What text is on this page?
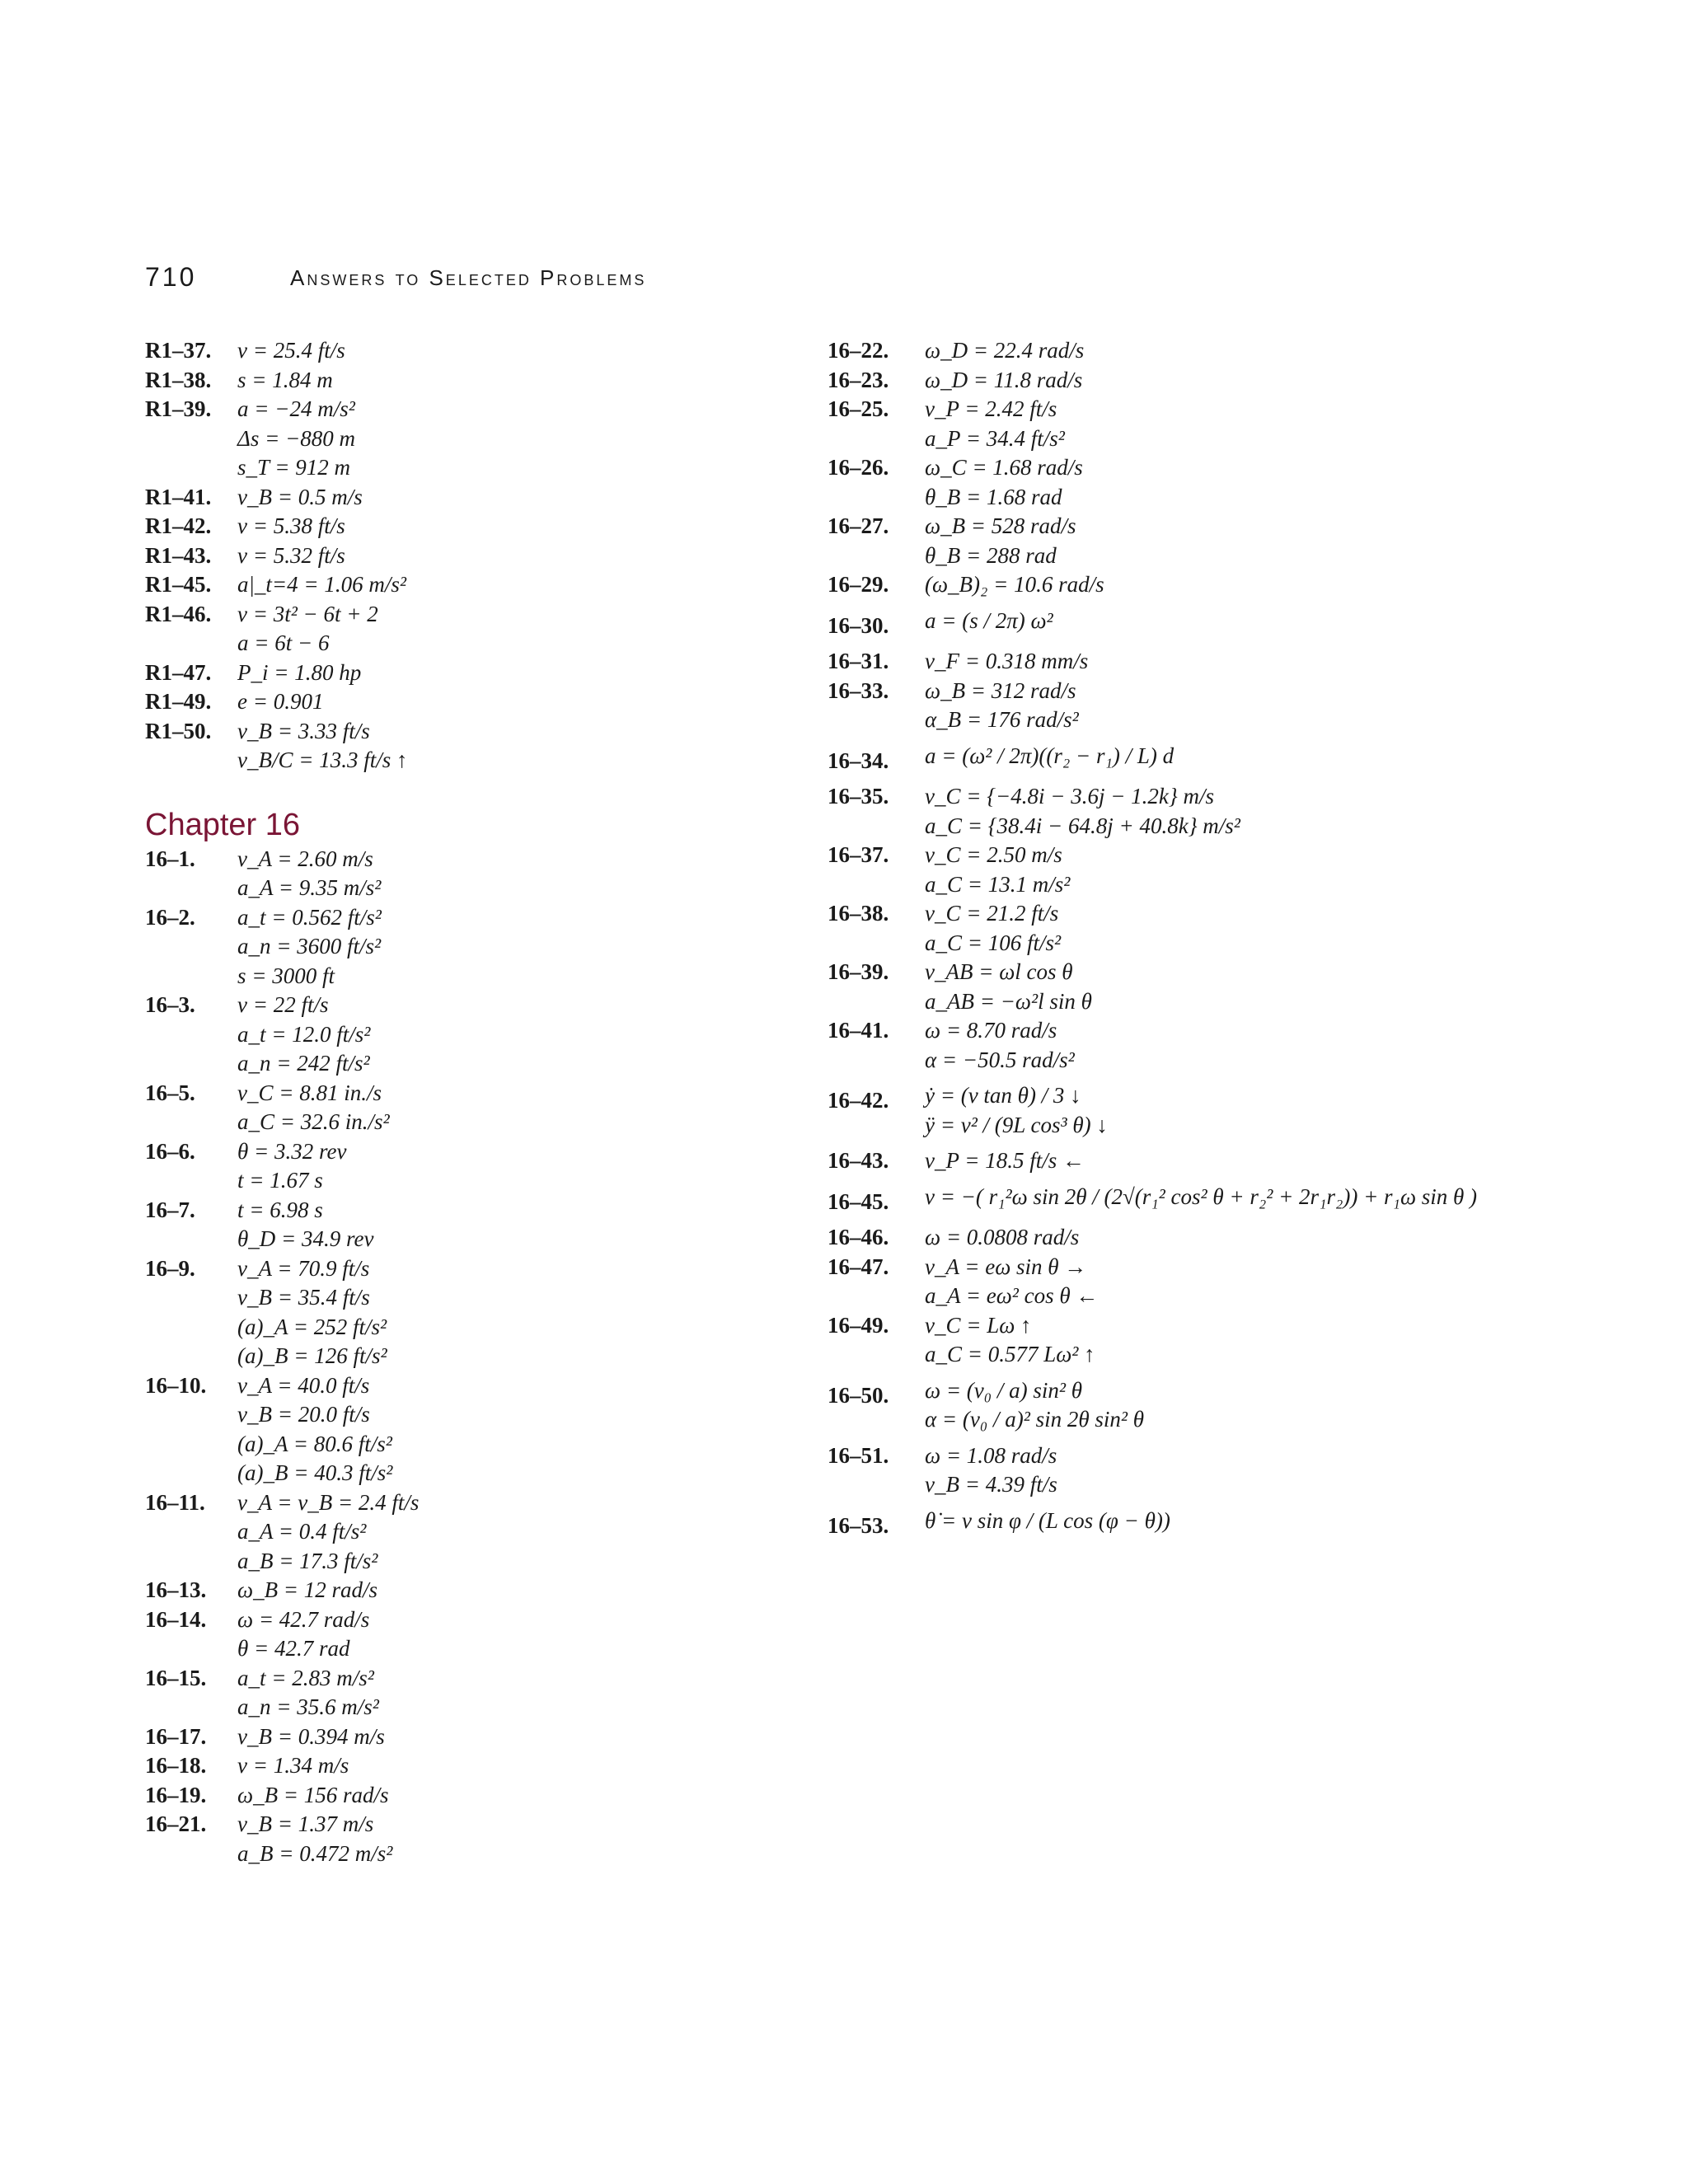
710	Answers to Selected Problems
R1–37.	v = 25.4 ft/s
R1–38.	s = 1.84 m
R1–39.	a = −24 m/s²
Δs = −880 m
s_T = 912 m
R1–41.	v_B = 0.5 m/s
R1–42.	v = 5.38 ft/s
R1–43.	v = 5.32 ft/s
R1–45.	a|_t=4 = 1.06 m/s²
R1–46.	v = 3t² − 6t + 2
a = 6t − 6
R1–47.	P_i = 1.80 hp
R1–49.	e = 0.901
R1–50.	v_B = 3.33 ft/s
v_B/C = 13.3 ft/s ↑
Chapter 16
16–1.	v_A = 2.60 m/s
a_A = 9.35 m/s²
16–2.	a_t = 0.562 ft/s²
a_n = 3600 ft/s²
s = 3000 ft
16–3.	v = 22 ft/s
a_t = 12.0 ft/s²
a_n = 242 ft/s²
16–5.	v_C = 8.81 in./s
a_C = 32.6 in./s²
16–6.	θ = 3.32 rev
t = 1.67 s
16–7.	t = 6.98 s
θ_D = 34.9 rev
16–9.	v_A = 70.9 ft/s
v_B = 35.4 ft/s
(a)_A = 252 ft/s²
(a)_B = 126 ft/s²
16–10.	v_A = 40.0 ft/s
v_B = 20.0 ft/s
(a)_A = 80.6 ft/s²
(a)_B = 40.3 ft/s²
16–11.	v_A = v_B = 2.4 ft/s
a_A = 0.4 ft/s²
a_B = 17.3 ft/s²
16–13.	ω_B = 12 rad/s
16–14.	ω = 42.7 rad/s
θ = 42.7 rad
16–15.	a_t = 2.83 m/s²
a_n = 35.6 m/s²
16–17.	v_B = 0.394 m/s
16–18.	v = 1.34 m/s
16–19.	ω_B = 156 rad/s
16–21.	v_B = 1.37 m/s
a_B = 0.472 m/s²
16–22.	ω_D = 22.4 rad/s
16–23.	ω_D = 11.8 rad/s
16–25.	v_P = 2.42 ft/s
a_P = 34.4 ft/s²
16–26.	ω_C = 1.68 rad/s
θ_B = 1.68 rad
16–27.	ω_B = 528 rad/s
θ_B = 288 rad
16–29.	(ω_B)₂ = 10.6 rad/s
16–30.	a = (s / 2π) ω²
16–31.	v_F = 0.318 mm/s
16–33.	ω_B = 312 rad/s
α_B = 176 rad/s²
16–34.	a = (ω² / 2π)((r₂ − r₁) / L) d
16–35.	v_C = {−4.8i − 3.6j − 1.2k} m/s
a_C = {38.4i − 64.8j + 40.8k} m/s²
16–37.	v_C = 2.50 m/s
a_C = 13.1 m/s²
16–38.	v_C = 21.2 ft/s
a_C = 106 ft/s²
16–39.	v_AB = ωl cos θ
a_AB = −ω²l sin θ
16–41.	ω = 8.70 rad/s
α = −50.5 rad/s²
16–42.	ẏ = (v tan θ) / 3 ↓
ÿ = v² / (9L cos³ θ) ↓
16–43.	v_P = 18.5 ft/s ←
16–45.	v = −( r₁²ω sin 2θ / (2√(r₁² cos² θ + r₂² + 2r₁r₂)) + r₁ω sin θ )
16–46.	ω = 0.0808 rad/s
16–47.	v_A = eω sin θ →
a_A = eω² cos θ ←
16–49.	v_C = Lω ↑
a_C = 0.577 Lω² ↑
16–50.	ω = (v₀ / a) sin² θ
α = (v₀ / a)² sin 2θ sin² θ
16–51.	ω = 1.08 rad/s
v_B = 4.39 ft/s
16–53.	θ̇ = v sin φ / (L cos (φ − θ))
